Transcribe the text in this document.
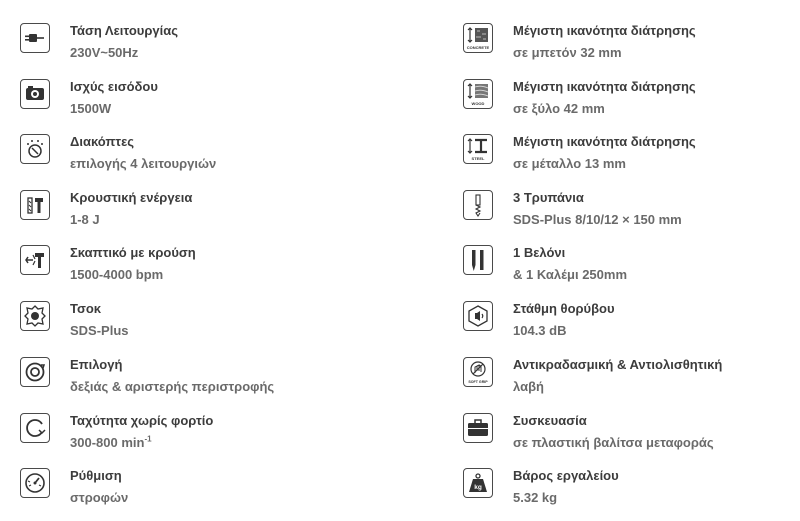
Τάση Λειτουργίας
230V~50Hz
Ισχύς εισόδου
1500W
Διακόπτες
επιλογής 4 λειτουργιών
Κρουστική ενέργεια
1-8 J
Σκαπτικό με κρούση
1500-4000 bpm
Τσοκ
SDS-Plus
Επιλογή
δεξιάς & αριστερής περιστροφής
Ταχύτητα χωρίς φορτίο
300-800 $\min^{-1}$
Ρύθμιση
στροφών
CONCRETE
Μέγιστη ικανότητα διάτρησης
σε μπετόν 32 mm
WOOD
Μέγιστη ικανότητα διάτρησης
σε ξύλο 42 mm
STEEL
Μέγιστη ικανότητα διάτρησης
σε μέταλλο 13 mm
3 Τρυπάνια
SDS-Plus 8/10/12 × 150 mm
1 Βελόνι
& 1 Καλέμι 250mm
Στάθμη θορύβου
104.3 dB
SOFT GRIP
Αντικραδασμική & Αντιολισθητική
λαβή
Συσκευασία
σε πλαστική βαλίτσα μεταφοράς
kg
Βάρος εργαλείου
5.32 kg
